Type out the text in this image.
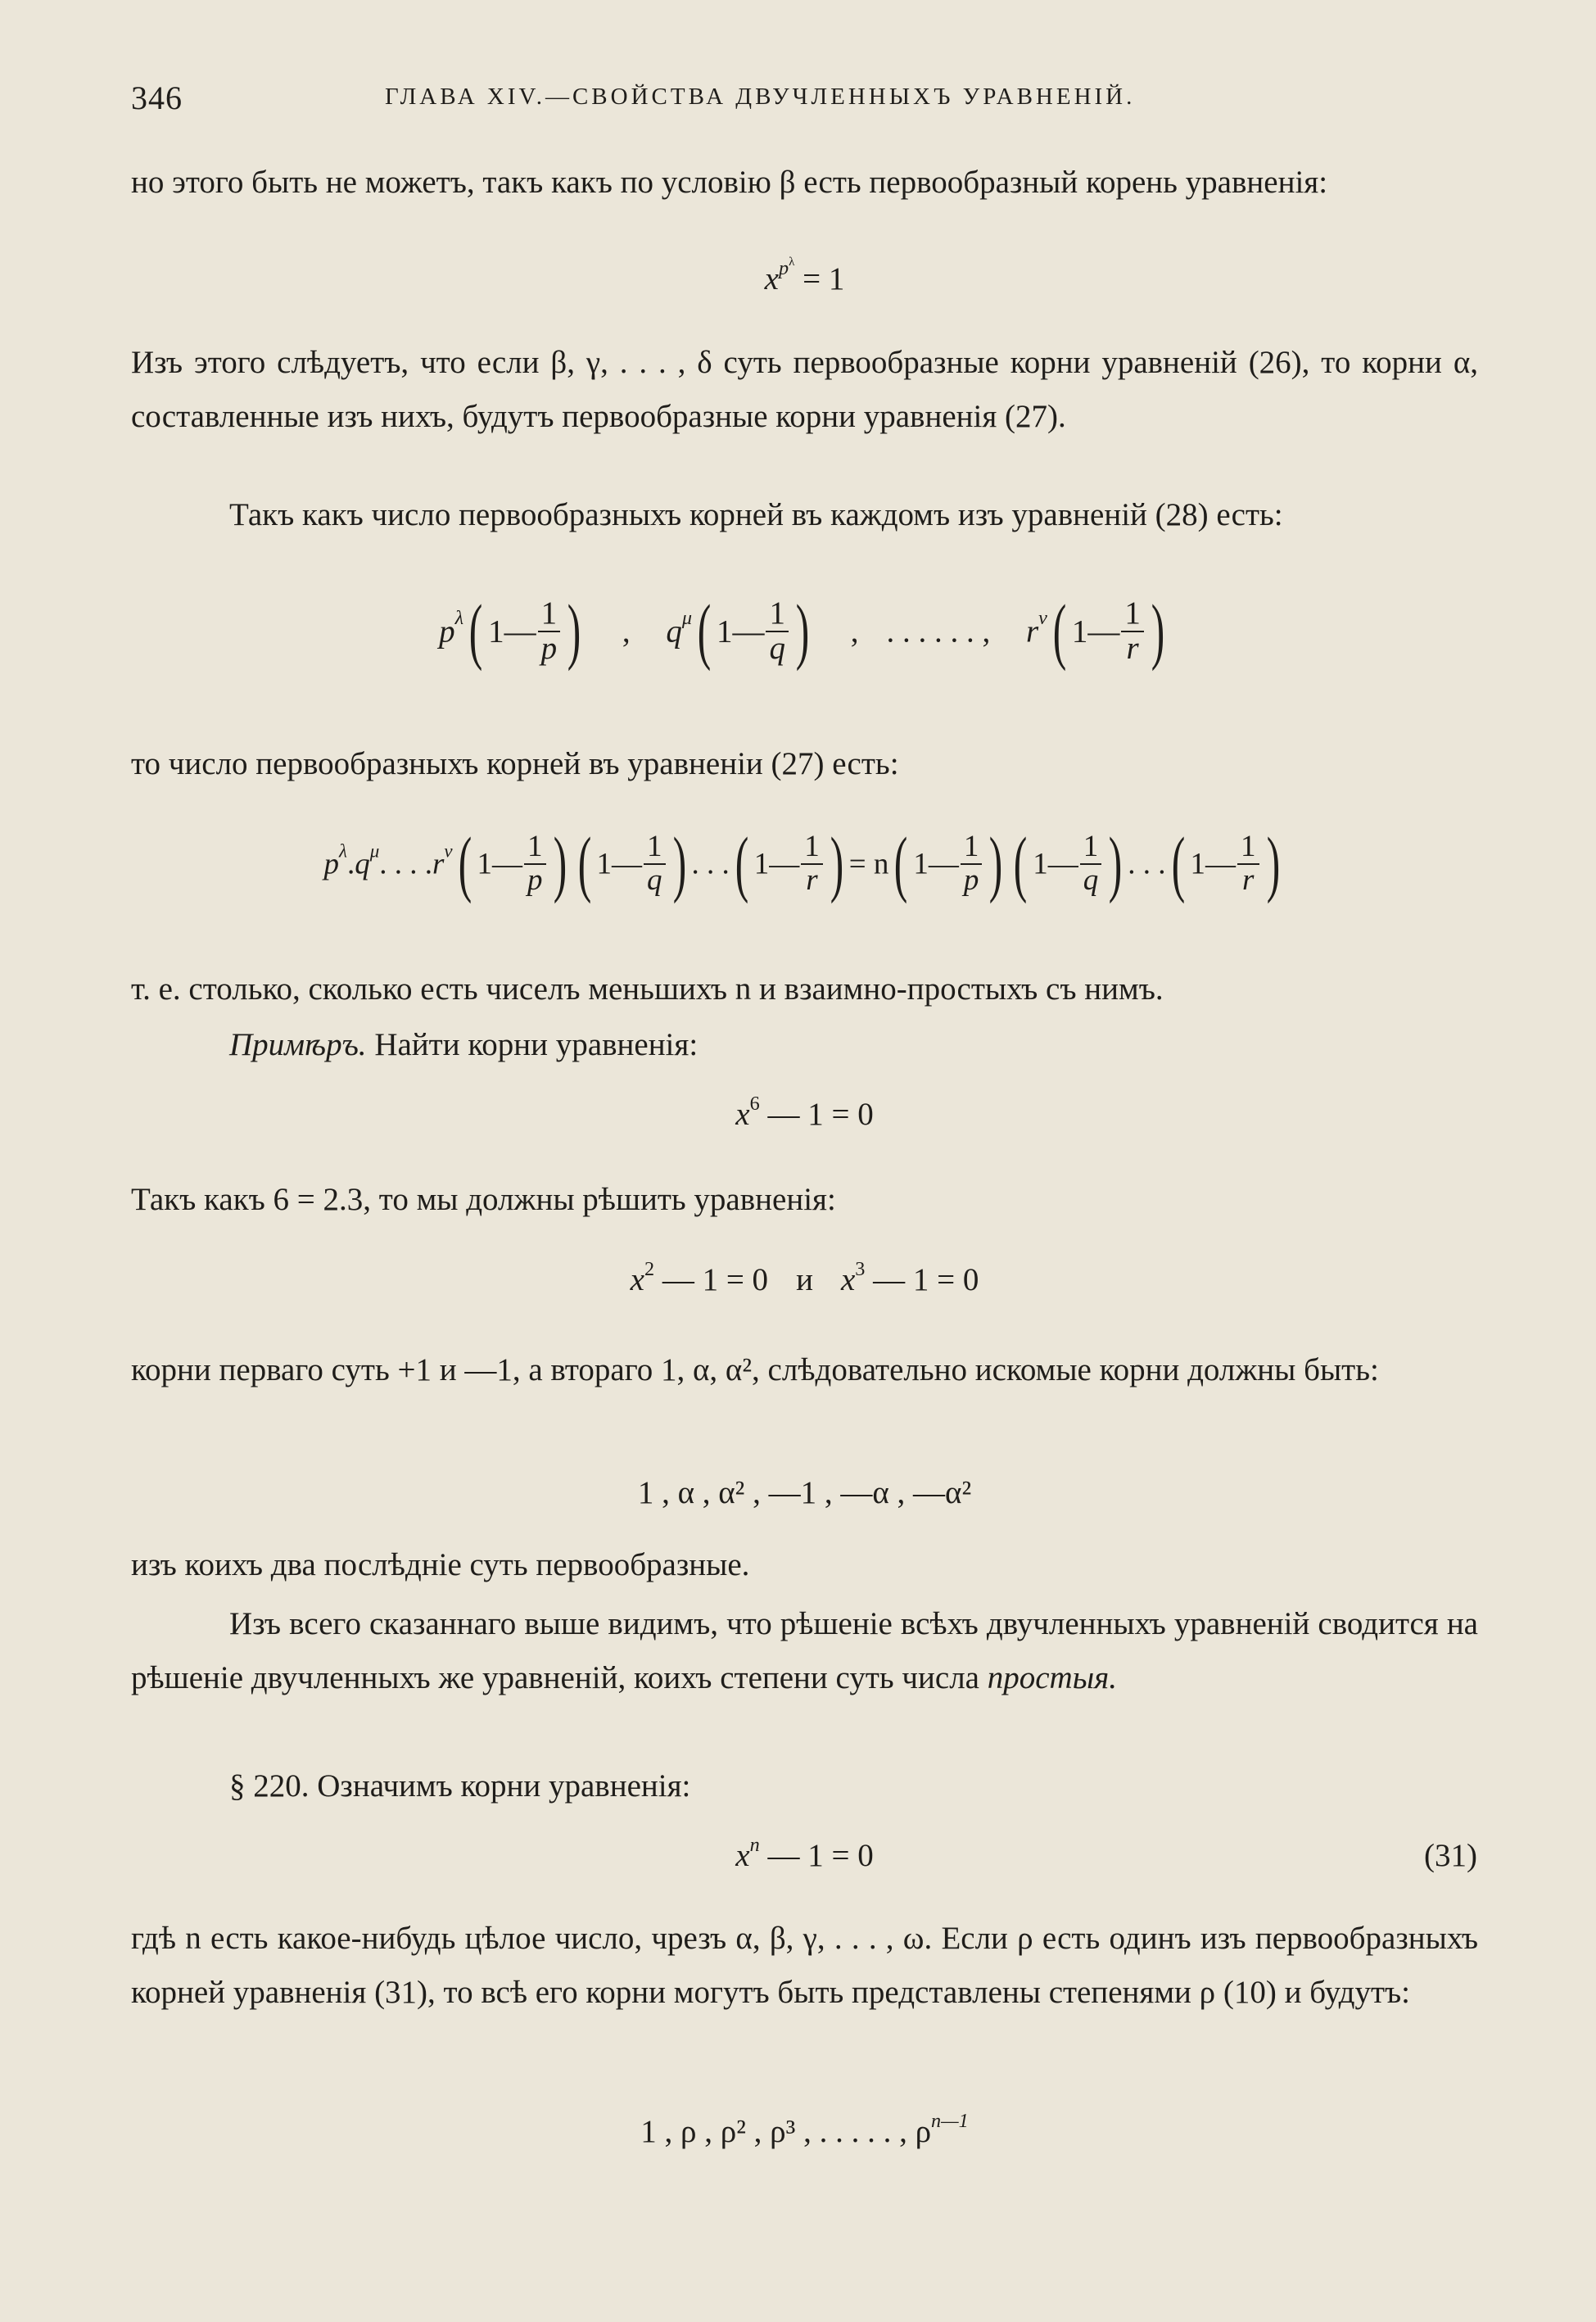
346	ГЛАВА XIV.—СВОЙСТВА ДВУЧЛЕННЫХЪ УРАВНЕНІЙ.
но этого быть не можетъ, такъ какъ по условію β есть первообразный корень уравненія:
$x^{p^\lambda} = 1$
Изъ этого слѣдуетъ, что если β, γ, . . . , δ суть первообразные корни уравненій (26), то корни α, составленные изъ нихъ, будутъ первообразные корни уравненія (27).
Такъ какъ число первообразныхъ корней въ каждомъ изъ уравненій (28) есть:
$p^\lambda$( 1— $\frac{1}{p}$ ) , $q^\mu$( 1— $\frac{1}{q}$ ) , . . . . . . , $r^\nu$( 1— $\frac{1}{r}$ )
то число первообразныхъ корней въ уравненіи (27) есть:
$p^\lambda.q^\mu$. . . $.r^\nu$( 1— $\frac{1}{p}$ ) ( 1— $\frac{1}{q}$ ) . . .( 1— $\frac{1}{r}$ ) = n( 1— $\frac{1}{p}$ ) ( 1— $\frac{1}{q}$ ) . . .( 1— $\frac{1}{r}$ )
т. е. столько, сколько есть чиселъ меньшихъ n и взаимно-простыхъ съ нимъ.
Примѣръ. Найти корни уравненія:
$x^6$ — 1 = 0
Такъ какъ 6 = 2.3, то мы должны рѣшить уравненія:
$x^2$ — 1 = 0 и $x^3$ — 1 = 0
корни перваго суть +1 и —1, а втораго 1, α, α², слѣдовательно искомые корни должны быть:
1 , α , α² , —1 , —α , —α²
изъ коихъ два послѣдніе суть первообразные.
Изъ всего сказаннаго выше видимъ, что рѣшеніе всѣхъ двучленныхъ уравненій сводится на рѣшеніе двучленныхъ же уравненій, коихъ степени суть числа простыя.
§ 220. Означимъ корни уравненія:
$x^n$ — 1 = 0	(31)
гдѣ n есть какое-нибудь цѣлое число, чрезъ α, β, γ, . . . , ω. Если ρ есть одинъ изъ первообразныхъ корней уравненія (31), то всѣ его корни могутъ быть представлены степенями ρ (10) и будутъ:
1 , ρ , ρ² , ρ³ , . . . . . , $\rho^{n—1}$
